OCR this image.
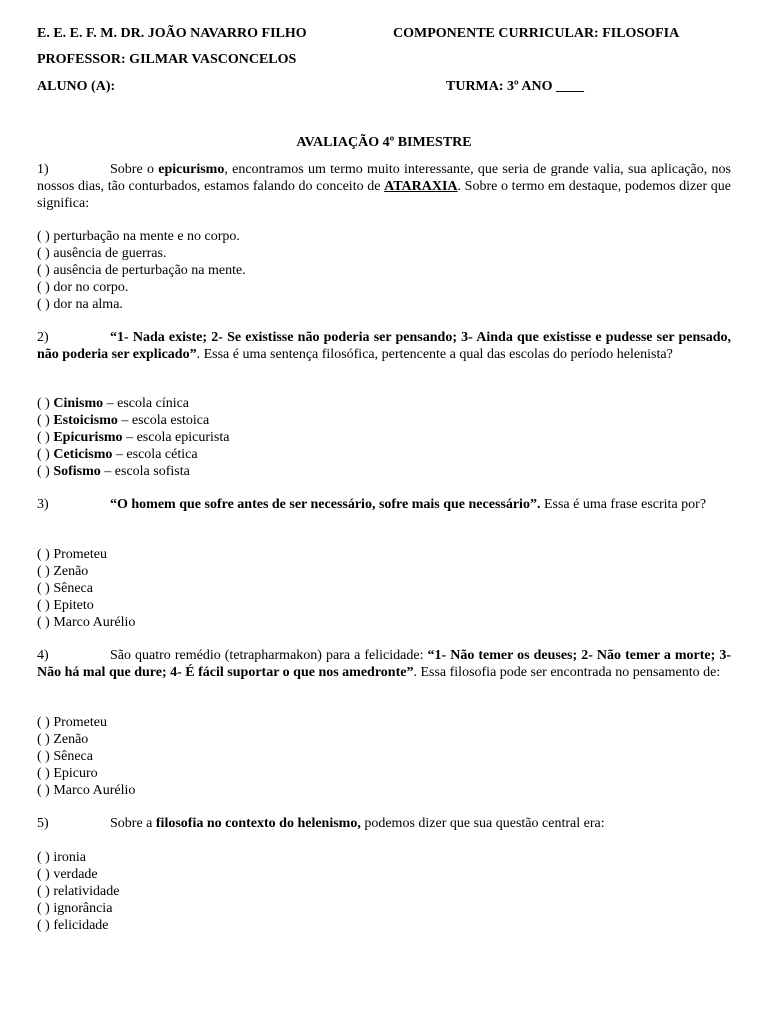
E. E. E. F. M. DR. JOÃO NAVARRO FILHO	COMPONENTE CURRICULAR: FILOSOFIA
PROFESSOR: GILMAR VASCONCELOS
ALUNO (A):	TURMA: 3º ANO ____
AVALIAÇÃO 4º BIMESTRE
1)	Sobre o epicurismo, encontramos um termo muito interessante, que seria de grande valia, sua aplicação, nos nossos dias, tão conturbados, estamos falando do conceito de ATARAXIA. Sobre o termo em destaque, podemos dizer que significa:
( ) perturbação na mente e no corpo.
( ) ausência de guerras.
( ) ausência de perturbação na mente.
( ) dor no corpo.
( ) dor na alma.
2)	“1- Nada existe; 2- Se existisse não poderia ser pensando; 3- Ainda que existisse e pudesse ser pensado, não poderia ser explicado”. Essa é uma sentença filosófica, pertencente a qual das escolas do período helenista?
( ) Cinismo – escola cínica
( ) Estoicismo – escola estoica
( ) Epicurismo – escola epicurista
( ) Ceticismo – escola cética
( ) Sofismo – escola sofista
3)	“O homem que sofre antes de ser necessário, sofre mais que necessário”. Essa é uma frase escrita por?
( ) Prometeu
( ) Zenão
( ) Sêneca
( ) Epiteto
( ) Marco Aurélio
4)	São quatro remédio (tetrapharmakon) para a felicidade: “1- Não temer os deuses; 2- Não temer a morte; 3- Não há mal que dure; 4- É fácil suportar o que nos amedronte”. Essa filosofia pode ser encontrada no pensamento de:
( ) Prometeu
( ) Zenão
( ) Sêneca
( ) Epicuro
( ) Marco Aurélio
5)	Sobre a filosofia no contexto do helenismo, podemos dizer que sua questão central era:
( ) ironia
( ) verdade
( ) relatividade
( ) ignorância
( ) felicidade
